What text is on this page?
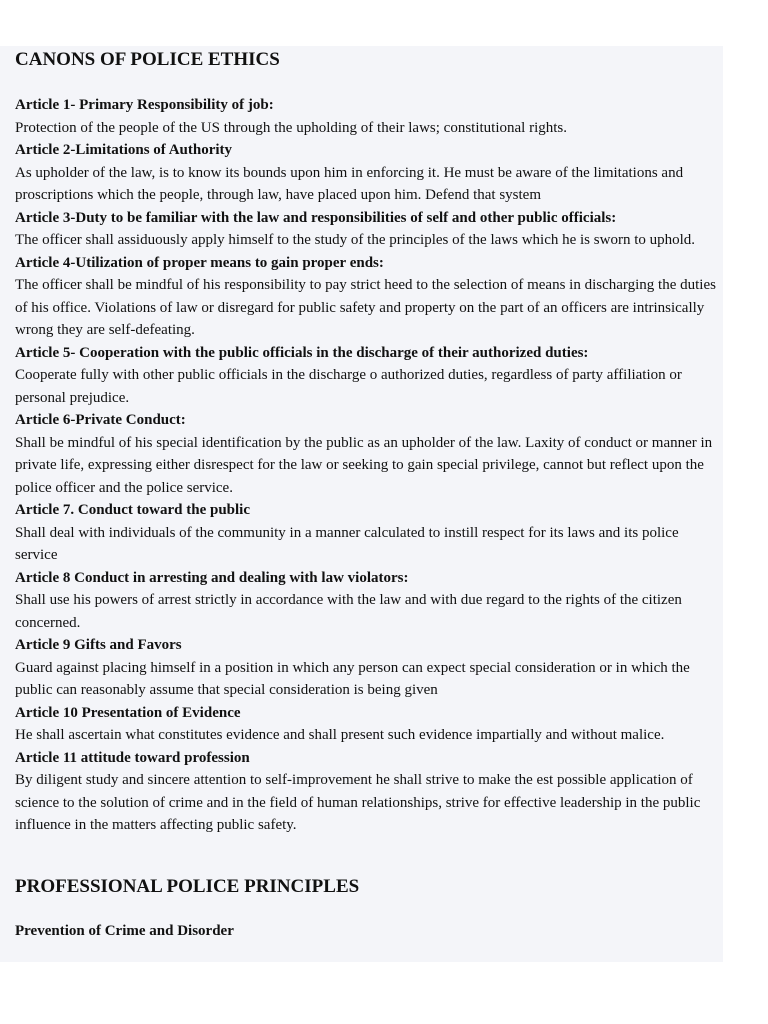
CANONS OF POLICE ETHICS

Article 1- Primary Responsibility of job:

Protection of the people of the US through the upholding of their laws; constitutional rights.

Article 2-Limitations of Authority

As upholder of the law, is to know its bounds upon him in enforcing it. He must be aware of the limitations and proscriptions which the people, through law, have placed upon him. Defend that system

Article 3-Duty to be familiar with the law and responsibilities of self and other public officials:

The officer shall assiduously apply himself to the study of the principles of the laws which he is sworn to uphold.

Article 4-Utilization of proper means to gain proper ends:

The officer shall be mindful of his responsibility to pay strict heed to the selection of means in discharging the duties of his office. Violations of law or disregard for public safety and property on the part of an officers are intrinsically wrong they are self-defeating.

Article 5- Cooperation with the public officials in the discharge of their authorized duties:

Cooperate fully with other public officials in the discharge o authorized duties, regardless of party affiliation or personal prejudice.

Article 6-Private Conduct:

Shall be mindful of his special identification by the public as an upholder of the law. Laxity of conduct or manner in private life, expressing either disrespect for the law or seeking to gain special privilege, cannot but reflect upon the police officer and the police service.

Article 7. Conduct toward the public

Shall deal with individuals of the community in a manner calculated to instill respect for its laws and its police service

Article 8 Conduct in arresting and dealing with law violators:

Shall use his powers of arrest strictly in accordance with the law and with due regard to the rights of the citizen concerned.

Article 9 Gifts and Favors

Guard against placing himself in a position in which any person can expect special consideration or in which the public can reasonably assume that special consideration is being given

Article 10 Presentation of Evidence

He shall ascertain what constitutes evidence and shall present such evidence impartially and without malice.

Article 11 attitude toward profession

By diligent study and sincere attention to self-improvement he shall strive to make the est possible application of science to the solution of crime and in the field of human relationships, strive for effective leadership in the public influence in the matters affecting public safety.

PROFESSIONAL POLICE PRINCIPLES

Prevention of Crime and Disorder
